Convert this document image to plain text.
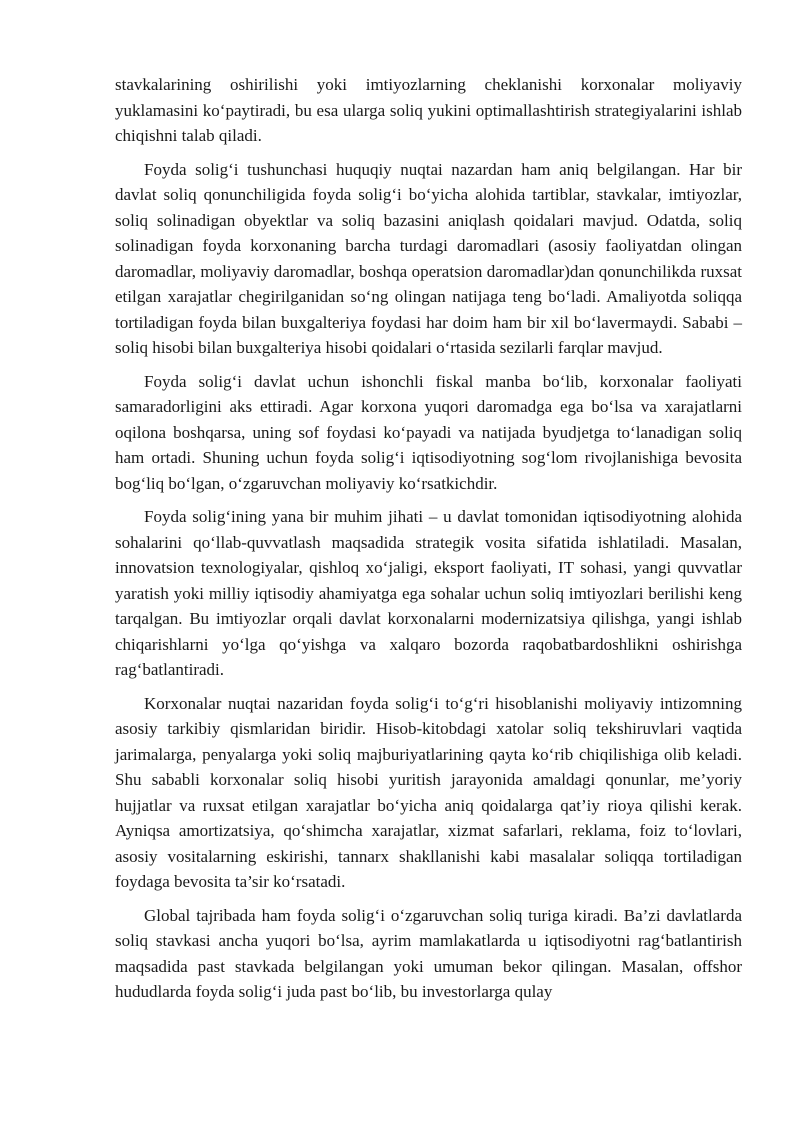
stavkalarining oshirilishi yoki imtiyozlarning cheklanishi korxonalar moliyaviy yuklamasini ko‘paytiradi, bu esa ularga soliq yukini optimallashtirish strategiyalarini ishlab chiqishni talab qiladi.

Foyda solig‘i tushunchasi huquqiy nuqtai nazardan ham aniq belgilangan. Har bir davlat soliq qonunchiligida foyda solig‘i bo‘yicha alohida tartiblar, stavkalar, imtiyozlar, soliq solinadigan obyektlar va soliq bazasini aniqlash qoidalari mavjud. Odatda, soliq solinadigan foyda korxonaning barcha turdagi daromadlari (asosiy faoliyatdan olingan daromadlar, moliyaviy daromadlar, boshqa operatsion daromadlar)dan qonunchilikda ruxsat etilgan xarajatlar chegirilganidan so‘ng olingan natijaga teng bo‘ladi. Amaliyotda soliqqa tortiladigan foyda bilan buxgalteriya foydasi har doim ham bir xil bo‘lavermaydi. Sababi – soliq hisobi bilan buxgalteriya hisobi qoidalari o‘rtasida sezilarli farqlar mavjud.

Foyda solig‘i davlat uchun ishonchli fiskal manba bo‘lib, korxonalar faoliyati samaradorligini aks ettiradi. Agar korxona yuqori daromadga ega bo‘lsa va xarajatlarni oqilona boshqarsa, uning sof foydasi ko‘payadi va natijada byudjetga to‘lanadigan soliq ham ortadi. Shuning uchun foyda solig‘i iqtisodiyotning sog‘lom rivojlanishiga bevosita bog‘liq bo‘lgan, o‘zgaruvchan moliyaviy ko‘rsatkichdir.

Foyda solig‘ining yana bir muhim jihati – u davlat tomonidan iqtisodiyotning alohida sohalarini qo‘llab-quvvatlash maqsadida strategik vosita sifatida ishlatiladi. Masalan, innovatsion texnologiyalar, qishloq xo‘jaligi, eksport faoliyati, IT sohasi, yangi quvvatlar yaratish yoki milliy iqtisodiy ahamiyatga ega sohalar uchun soliq imtiyozlari berilishi keng tarqalgan. Bu imtiyozlar orqali davlat korxonalarni modernizatsiya qilishga, yangi ishlab chiqarishlarni yo‘lga qo‘yishga va xalqaro bozorda raqobatbardoshlikni oshirishga rag‘batlantiradi.

Korxonalar nuqtai nazaridan foyda solig‘i to‘g‘ri hisoblanishi moliyaviy intizomning asosiy tarkibiy qismlaridan biridir. Hisob-kitobdagi xatolar soliq tekshiruvlari vaqtida jarimalarga, penyalarga yoki soliq majburiyatlarining qayta ko‘rib chiqilishiga olib keladi. Shu sababli korxonalar soliq hisobi yuritish jarayonida amaldagi qonunlar, me’yoriy hujjatlar va ruxsat etilgan xarajatlar bo‘yicha aniq qoidalarga qat’iy rioya qilishi kerak. Ayniqsa amortizatsiya, qo‘shimcha xarajatlar, xizmat safarlari, reklama, foiz to‘lovlari, asosiy vositalarning eskirishi, tannarx shakllanishi kabi masalalar soliqqa tortiladigan foydaga bevosita ta’sir ko‘rsatadi.

Global tajribada ham foyda solig‘i o‘zgaruvchan soliq turiga kiradi. Ba’zi davlatlarda soliq stavkasi ancha yuqori bo‘lsa, ayrim mamlakatlarda u iqtisodiyotni rag‘batlantirish maqsadida past stavkada belgilangan yoki umuman bekor qilingan. Masalan, offshor hududlarda foyda solig‘i juda past bo‘lib, bu investorlarga qulay
